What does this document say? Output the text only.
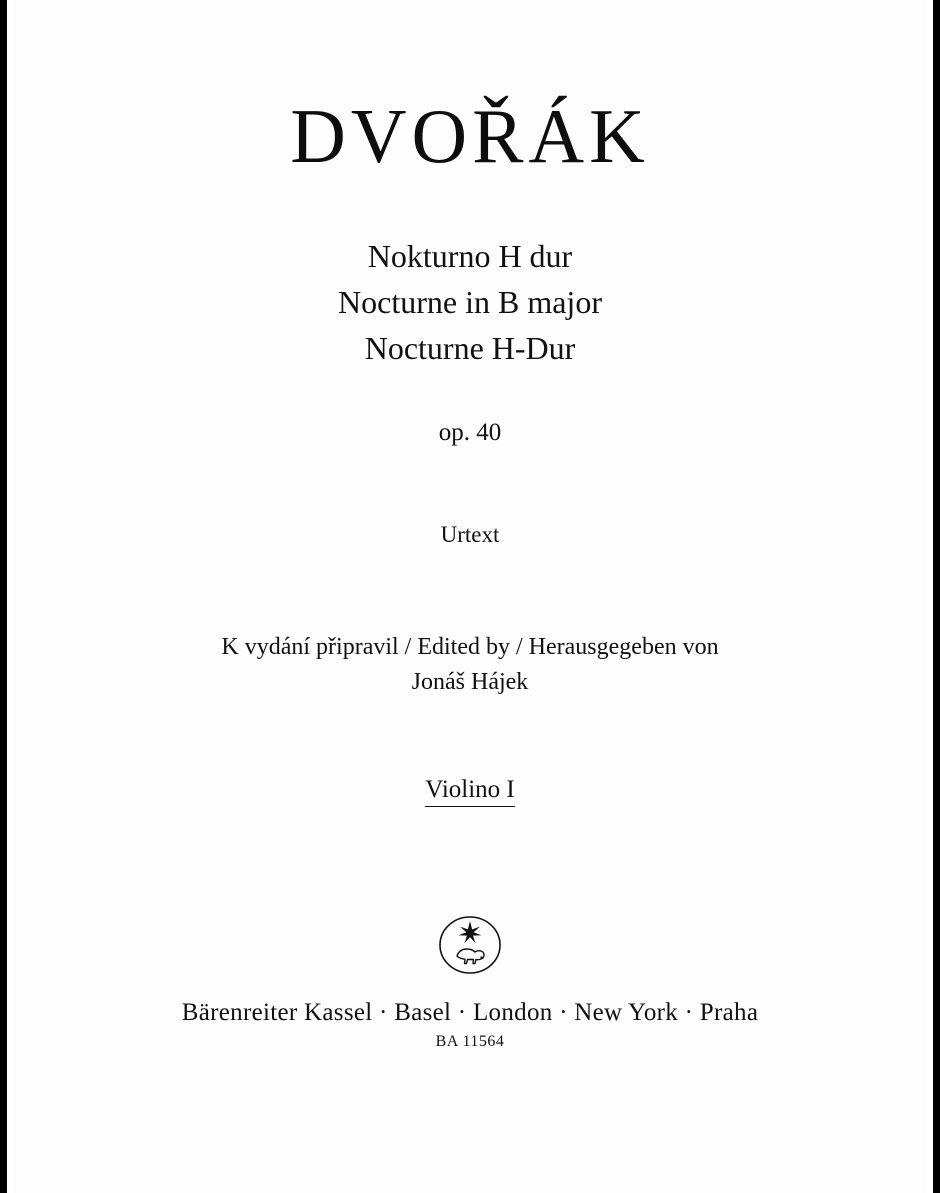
DVOŘÁK
Nokturno H dur
Nocturne in B major
Nocturne H-Dur
op. 40
Urtext
K vydání připravil / Edited by / Herausgegeben von
Jonáš Hájek
Violino I
Bärenreiter Kassel · Basel · London · New York · Praha
BA 11564
